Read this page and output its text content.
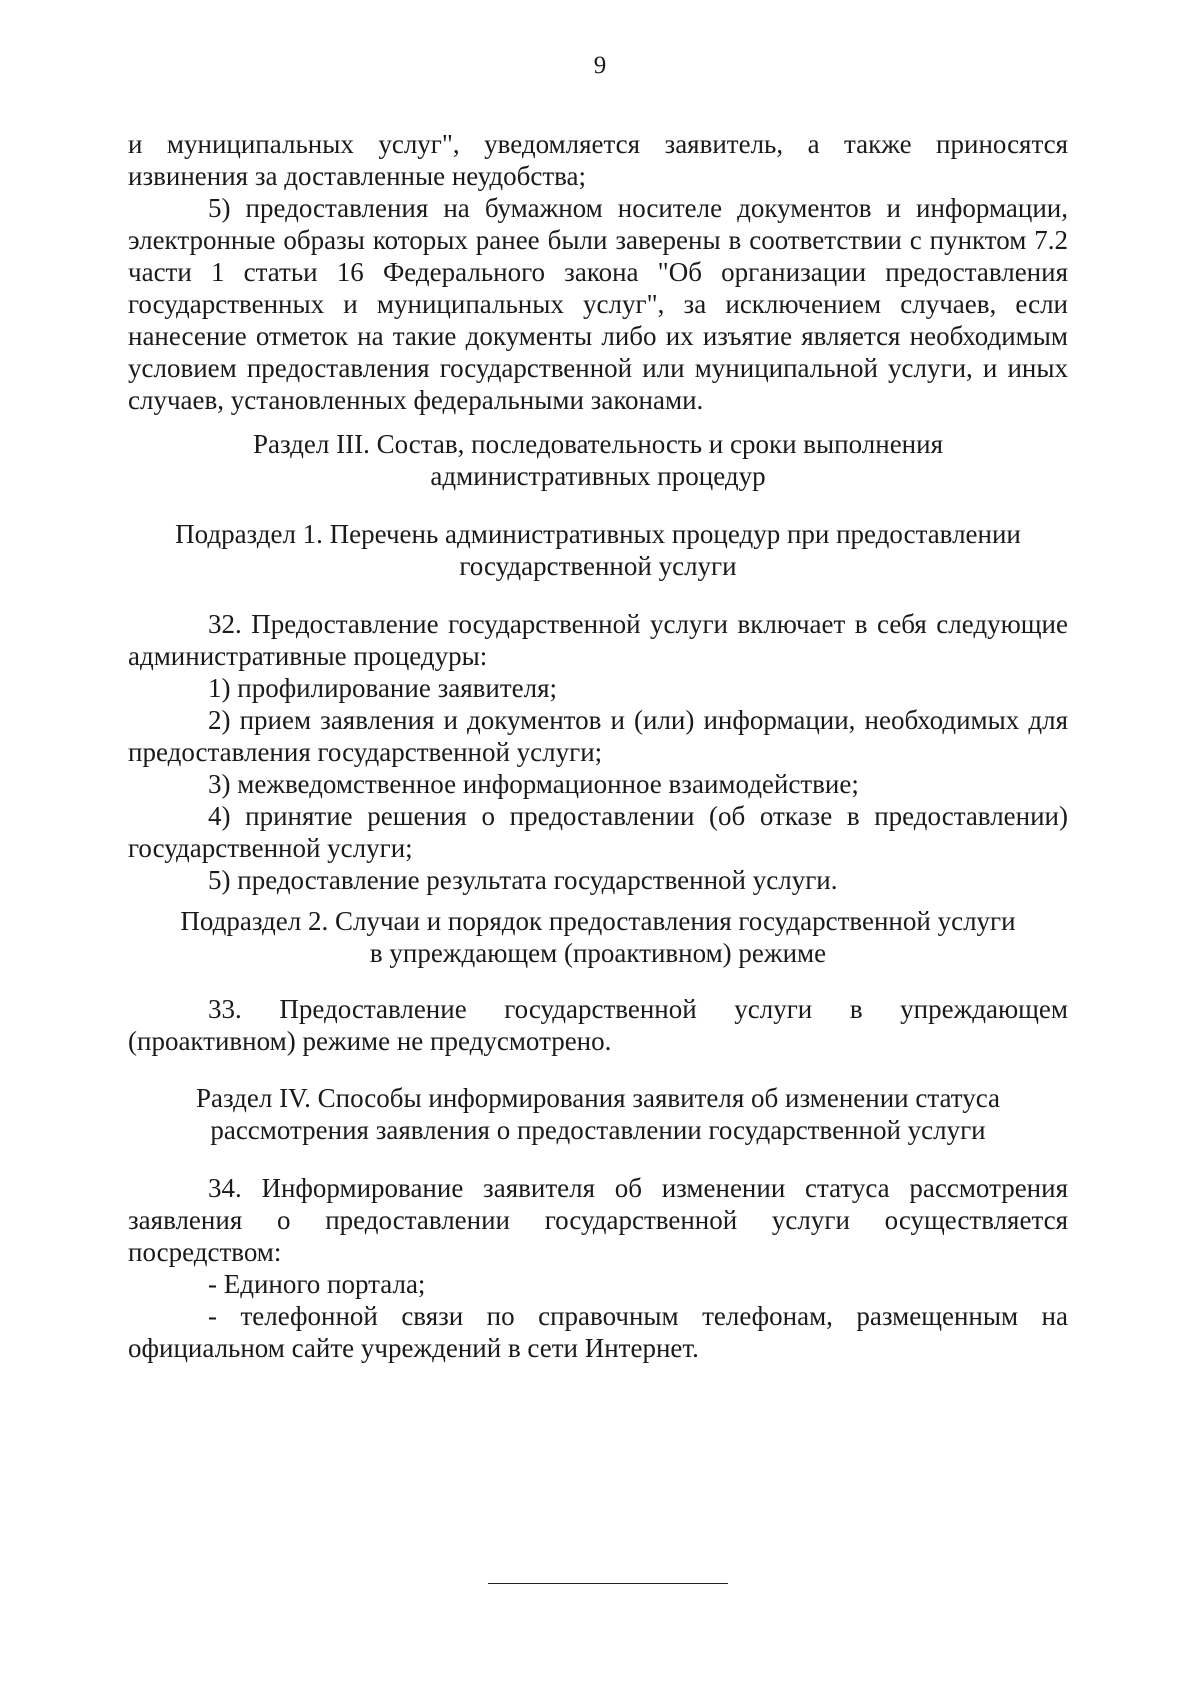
9

и муниципальных услуг", уведомляется заявитель, а также приносятся извинения за доставленные неудобства;

5) предоставления на бумажном носителе документов и информации, электронные образы которых ранее были заверены в соответствии с пунктом 7.2 части 1 статьи 16 Федерального закона "Об организации предоставления государственных и муниципальных услуг", за исключением случаев, если нанесение отметок на такие документы либо их изъятие является необходимым условием предоставления государственной или муниципальной услуги, и иных случаев, установленных федеральными законами.

Раздел III. Состав, последовательность и сроки выполнения

административных процедур

Подраздел 1. Перечень административных процедур при предоставлении

государственной услуги

32. Предоставление государственной услуги включает в себя следующие административные процедуры:

1) профилирование заявителя;

2) прием заявления и документов и (или) информации, необходимых для предоставления государственной услуги;

3) межведомственное информационное взаимодействие;

4) принятие решения о предоставлении (об отказе в предоставлении) государственной услуги;

5) предоставление результата государственной услуги.

Подраздел 2. Случаи и порядок предоставления государственной услуги

в упреждающем (проактивном) режиме

33. Предоставление государственной услуги в упреждающем (проактивном) режиме не предусмотрено.

Раздел IV. Способы информирования заявителя об изменении статуса

рассмотрения заявления о предоставлении государственной услуги

34. Информирование заявителя об изменении статуса рассмотрения заявления о предоставлении государственной услуги осуществляется посредством:

- Единого портала;

- телефонной связи по справочным телефонам, размещенным на официальном сайте учреждений в сети Интернет.
